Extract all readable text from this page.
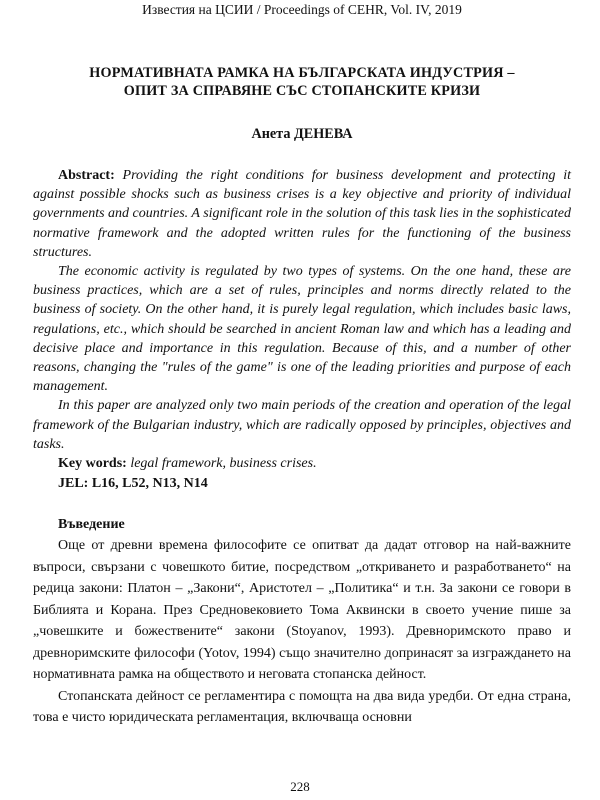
Известия на ЦСИИ / Proceedings of CEHR, Vol. IV, 2019
НОРМАТИВНАТА РАМКА НА БЪЛГАРСКАТА ИНДУСТРИЯ –
ОПИТ ЗА СПРАВЯНЕ СЪС СТОПАНСКИТЕ КРИЗИ
Анета ДЕНЕВА

Abstract: Providing the right conditions for business development and protecting it against possible shocks such as business crises is a key objective and priority of individual governments and countries. A significant role in the solution of this task lies in the sophisticated normative framework and the adopted written rules for the functioning of the business structures.

The economic activity is regulated by two types of systems. On the one hand, these are business practices, which are a set of rules, principles and norms directly related to the business of society. On the other hand, it is purely legal regulation, which includes basic laws, regulations, etc., which should be searched in ancient Roman law and which has a leading and decisive place and importance in this regulation. Because of this, and a number of other reasons, changing the "rules of the game" is one of the leading priorities and purpose of each management.

In this paper are analyzed only two main periods of the creation and operation of the legal framework of the Bulgarian industry, which are radically opposed by principles, objectives and tasks.

Key words: legal framework, business crises.

JEL: L16, L52, N13, N14

Въведение

Още от древни времена философите се опитват да дадат отговор на най-важните въпроси, свързани с човешкото битие, посредством „откриването и разработването“ на редица закони: Платон – „Закони“, Аристотел – „Политика“ и т.н. За закони се говори в Библията и Корана. През Средновековието Тома Аквински в своето учение пише за „човешките и божествените“ закони (Stoyanov, 1993). Древноримското право и древноримските философи (Yotov, 1994) също значително допринасят за изграждането на нормативната рамка на обществото и неговата стопанска дейност.

Стопанската дейност се регламентира с помощта на два вида уредби. От една страна, това е чисто юридическата регламентация, включваща основни

228
